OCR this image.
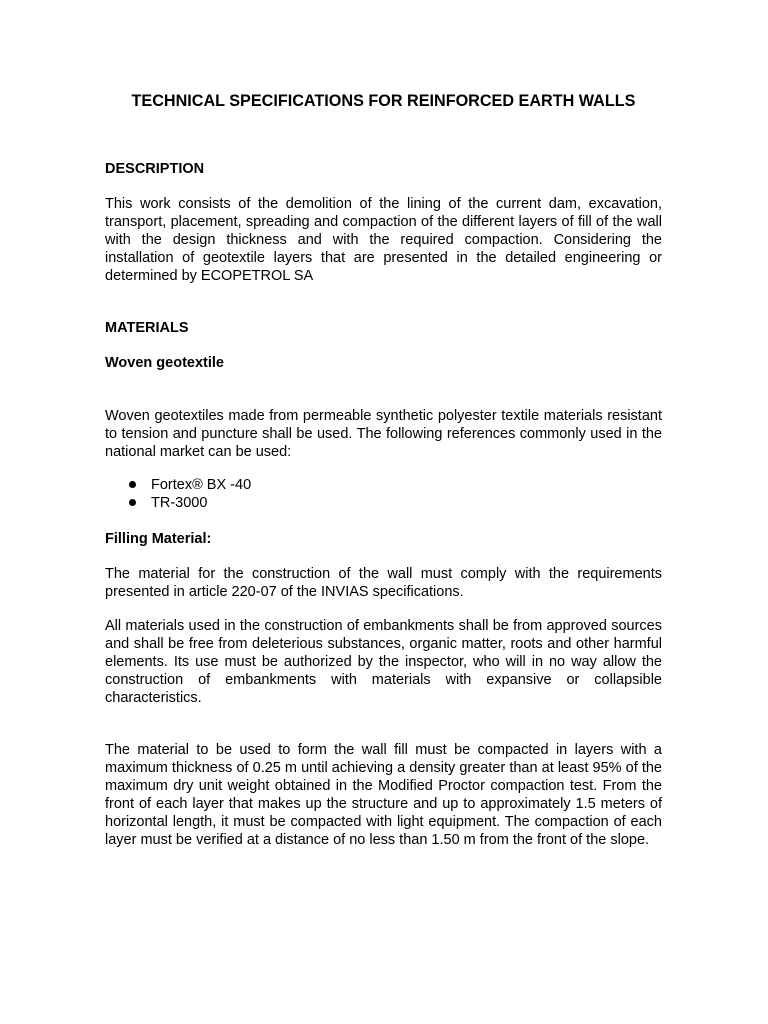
TECHNICAL SPECIFICATIONS FOR REINFORCED EARTH WALLS
DESCRIPTION

This work consists of the demolition of the lining of the current dam, excavation, transport, placement, spreading and compaction of the different layers of fill of the wall with the design thickness and with the required compaction. Considering the installation of geotextile layers that are presented in the detailed engineering or determined by ECOPETROL SA

MATERIALS
Woven geotextile

Woven geotextiles made from permeable synthetic polyester textile materials resistant to tension and puncture shall be used. The following references commonly used in the national market can be used:

Fortex® BX -40
TR-3000
Filling Material:

The material for the construction of the wall must comply with the requirements presented in article 220-07 of the INVIAS specifications.

All materials used in the construction of embankments shall be from approved sources and shall be free from deleterious substances, organic matter, roots and other harmful elements. Its use must be authorized by the inspector, who will in no way allow the construction of embankments with materials with expansive or collapsible characteristics.

The material to be used to form the wall fill must be compacted in layers with a maximum thickness of 0.25 m until achieving a density greater than at least 95% of the maximum dry unit weight obtained in the Modified Proctor compaction test. From the front of each layer that makes up the structure and up to approximately 1.5 meters of horizontal length, it must be compacted with light equipment. The compaction of each layer must be verified at a distance of no less than 1.50 m from the front of the slope.
